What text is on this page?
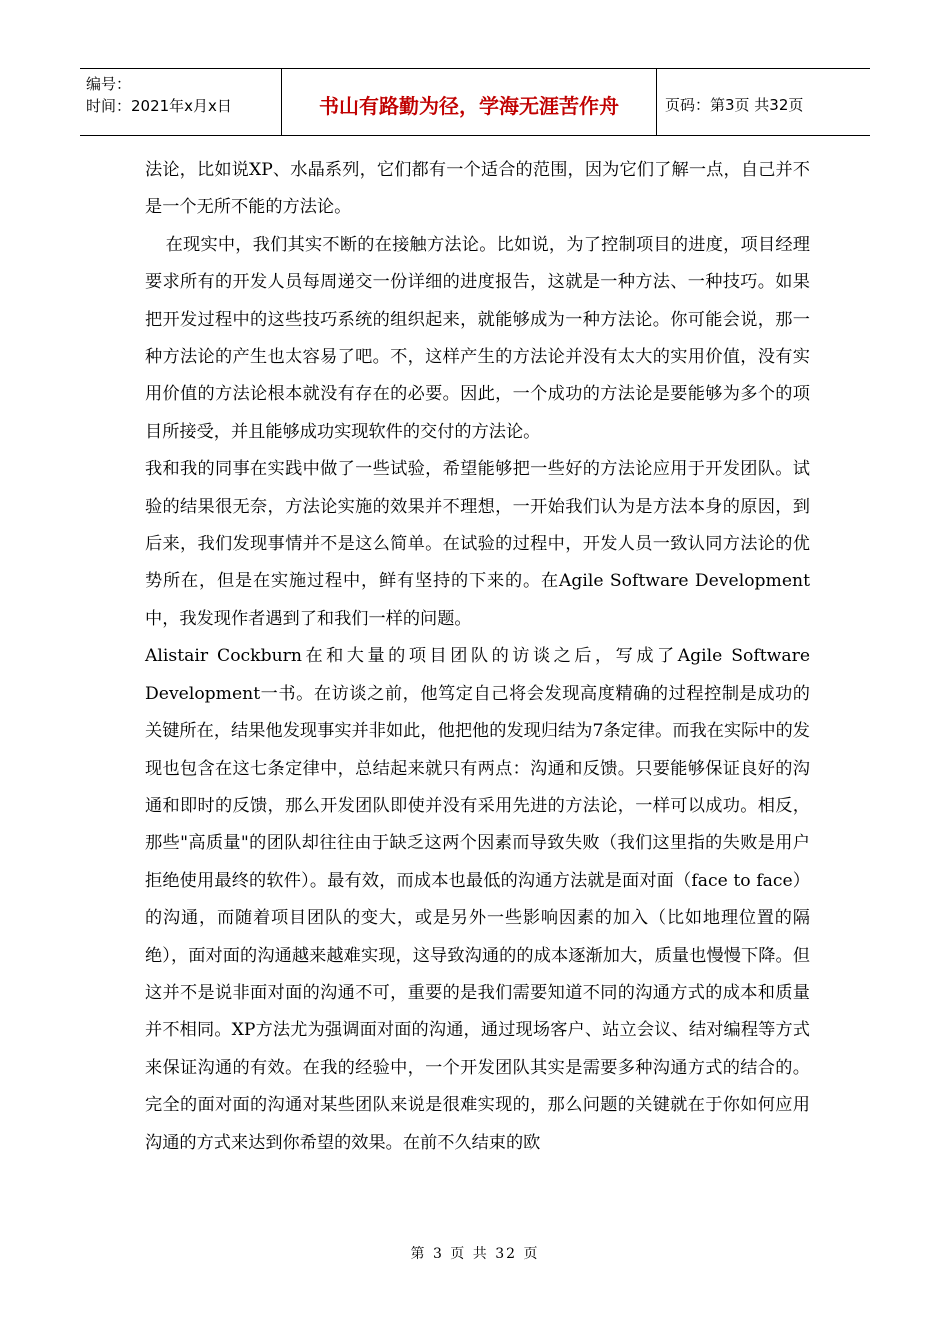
编号：
时间：2021年x月x日	书山有路勤为径，学海无涯苦作舟	页码：第3页 共32页

法论，比如说XP、水晶系列，它们都有一个适合的范围，因为它们了解一点，自己并不是一个无所不能的方法论。

在现实中，我们其实不断的在接触方法论。比如说，为了控制项目的进度，项目经理要求所有的开发人员每周递交一份详细的进度报告，这就是一种方法、一种技巧。如果把开发过程中的这些技巧系统的组织起来，就能够成为一种方法论。你可能会说，那一种方法论的产生也太容易了吧。不，这样产生的方法论并没有太大的实用价值，没有实用价值的方法论根本就没有存在的必要。因此，一个成功的方法论是要能够为多个的项目所接受，并且能够成功实现软件的交付的方法论。

我和我的同事在实践中做了一些试验，希望能够把一些好的方法论应用于开发团队。试验的结果很无奈，方法论实施的效果并不理想，一开始我们认为是方法本身的原因，到后来，我们发现事情并不是这么简单。在试验的过程中，开发人员一致认同方法论的优势所在，但是在实施过程中，鲜有坚持的下来的。在Agile Software Development中，我发现作者遇到了和我们一样的问题。

Alistair Cockburn在和大量的项目团队的访谈之后，写成了Agile Software Development一书。在访谈之前，他笃定自己将会发现高度精确的过程控制是成功的关键所在，结果他发现事实并非如此，他把他的发现归结为7条定律。而我在实际中的发现也包含在这七条定律中，总结起来就只有两点：沟通和反馈。只要能够保证良好的沟通和即时的反馈，那么开发团队即使并没有采用先进的方法论，一样可以成功。相反，那些"高质量"的团队却往往由于缺乏这两个因素而导致失败（我们这里指的失败是用户拒绝使用最终的软件）。最有效，而成本也最低的沟通方法就是面对面（face to face）的沟通，而随着项目团队的变大，或是另外一些影响因素的加入（比如地理位置的隔绝），面对面的沟通越来越难实现，这导致沟通的的成本逐渐加大，质量也慢慢下降。但这并不是说非面对面的沟通不可，重要的是我们需要知道不同的沟通方式的成本和质量并不相同。XP方法尤为强调面对面的沟通，通过现场客户、站立会议、结对编程等方式来保证沟通的有效。在我的经验中，一个开发团队其实是需要多种沟通方式的结合的。完全的面对面的沟通对某些团队来说是很难实现的，那么问题的关键就在于你如何应用沟通的方式来达到你希望的效果。在前不久结束的欧

第 3 页 共 32 页
